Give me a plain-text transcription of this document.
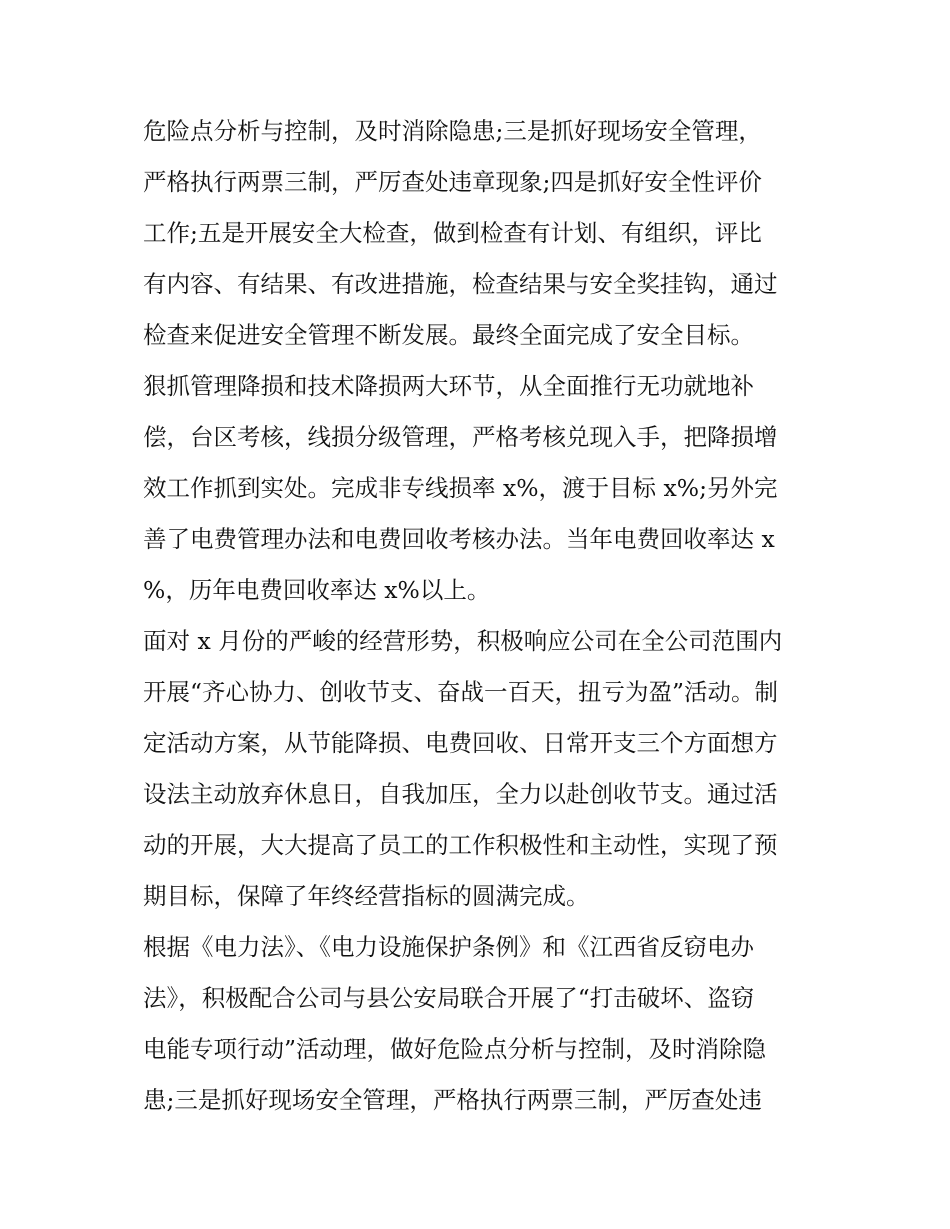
危险点分析与控制，及时消除隐患;三是抓好现场安全管理，
严格执行两票三制，严厉查处违章现象;四是抓好安全性评价
工作;五是开展安全大检查，做到检查有计划、有组织，评比
有内容、有结果、有改进措施，检查结果与安全奖挂钩，通过
检查来促进安全管理不断发展。最终全面完成了安全目标。
狠抓管理降损和技术降损两大环节，从全面推行无功就地补
偿，台区考核，线损分级管理，严格考核兑现入手，把降损增
效工作抓到实处。完成非专线损率 x%，渡于目标 x%;另外完
善了电费管理办法和电费回收考核办法。当年电费回收率达 x
%，历年电费回收率达 x%以上。
面对 x 月份的严峻的经营形势，积极响应公司在全公司范围内
开展“齐心协力、创收节支、奋战一百天，扭亏为盈”活动。制
定活动方案，从节能降损、电费回收、日常开支三个方面想方
设法主动放弃休息日，自我加压，全力以赴创收节支。通过活
动的开展，大大提高了员工的工作积极性和主动性，实现了预
期目标，保障了年终经营指标的圆满完成。
根据《电力法》、《电力设施保护条例》和《江西省反窃电办
法》，积极配合公司与县公安局联合开展了“打击破坏、盗窃
电能专项行动”活动理，做好危险点分析与控制，及时消除隐
患;三是抓好现场安全管理，严格执行两票三制，严厉查处违
